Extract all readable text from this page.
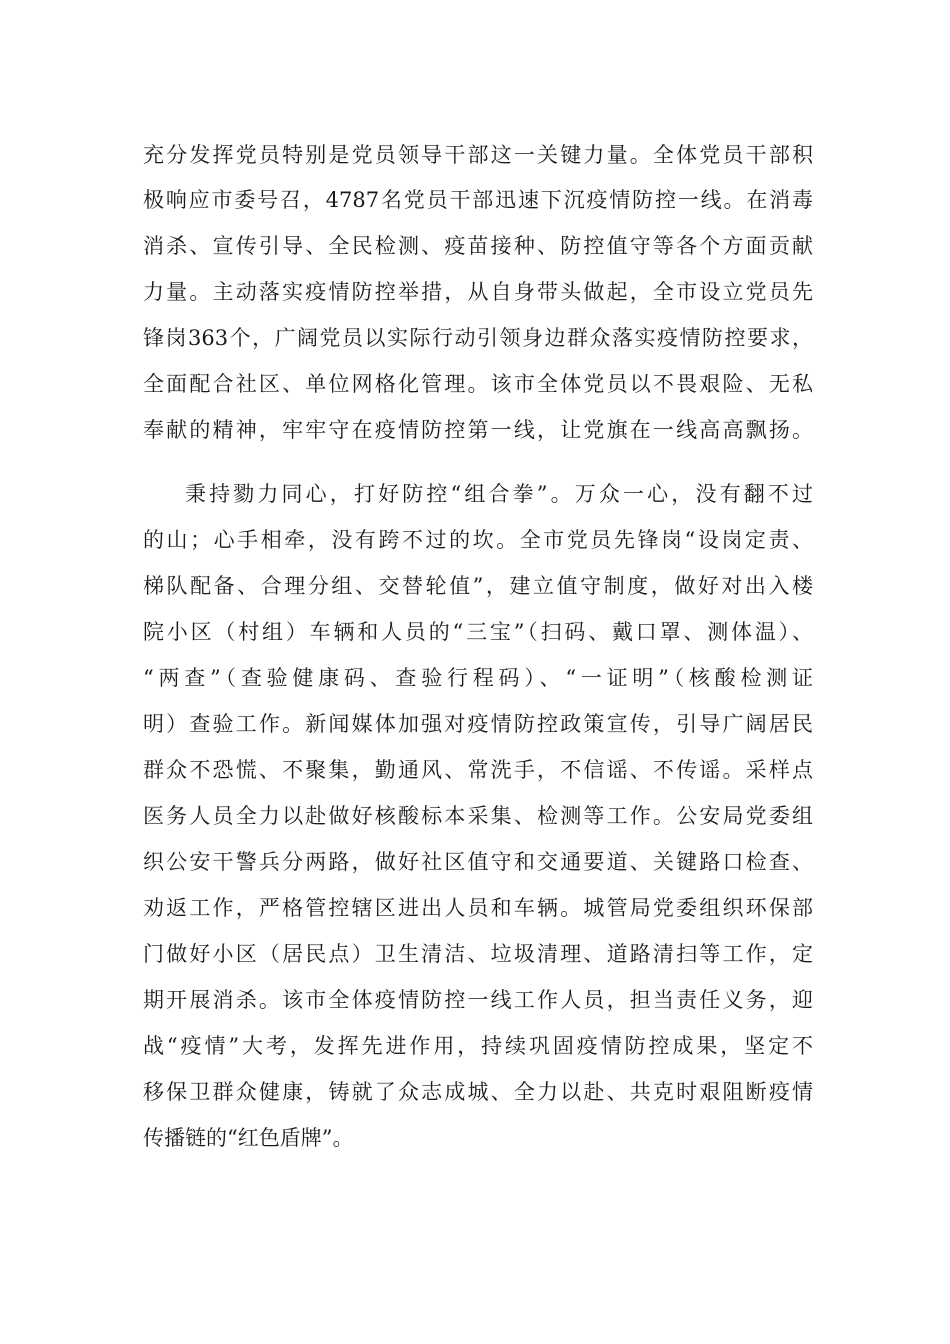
充分发挥党员特别是党员领导干部这一关键力量。全体党员干部积
极响应市委号召，4787名党员干部迅速下沉疫情防控一线。在消毒
消杀、宣传引导、全民检测、疫苗接种、防控值守等各个方面贡献
力量。主动落实疫情防控举措，从自身带头做起，全市设立党员先
锋岗363个，广阔党员以实际行动引领身边群众落实疫情防控要求，
全面配合社区、单位网格化管理。该市全体党员以不畏艰险、无私
奉献的精神，牢牢守在疫情防控第一线，让党旗在一线高高飘扬。
秉持勠力同心，打好防控“组合拳”。万众一心，没有翻不过
的山；心手相牵，没有跨不过的坎。全市党员先锋岗“设岗定责、
梯队配备、合理分组、交替轮值”，建立值守制度，做好对出入楼
院小区（村组）车辆和人员的“三宝”（扫码、戴口罩、测体温）、
“两查”（查验健康码、查验行程码）、“一证明”（核酸检测证
明）查验工作。新闻媒体加强对疫情防控政策宣传，引导广阔居民
群众不恐慌、不聚集，勤通风、常洗手，不信谣、不传谣。采样点
医务人员全力以赴做好核酸标本采集、检测等工作。公安局党委组
织公安干警兵分两路，做好社区值守和交通要道、关键路口检查、
劝返工作，严格管控辖区进出人员和车辆。城管局党委组织环保部
门做好小区（居民点）卫生清洁、垃圾清理、道路清扫等工作，定
期开展消杀。该市全体疫情防控一线工作人员，担当责任义务，迎
战“疫情”大考，发挥先进作用，持续巩固疫情防控成果，坚定不
移保卫群众健康，铸就了众志成城、全力以赴、共克时艰阻断疫情
传播链的“红色盾牌”。
